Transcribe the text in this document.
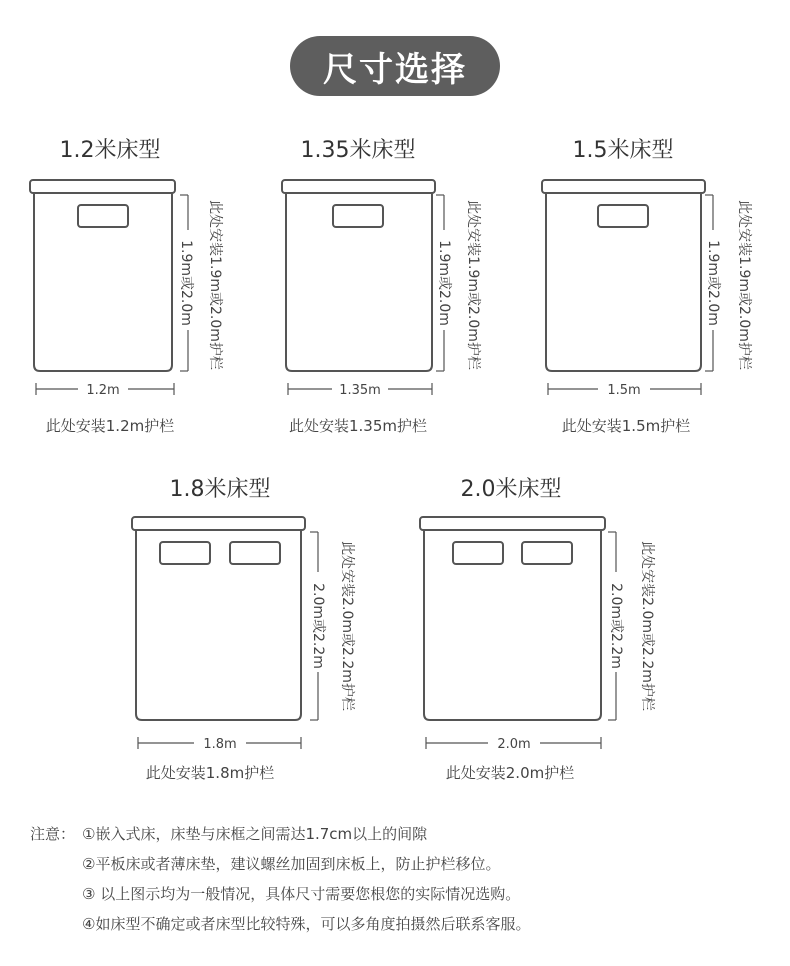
尺寸选择
1.2米床型
1.2m
1.9m或2.0m 此处安装1.9m或2.0m护栏
此处安装1.2m护栏
1.35米床型
1.35m
1.9m或2.0m 此处安装1.9m或2.0m护栏
此处安装1.35m护栏
1.5米床型
1.5m
1.9m或2.0m 此处安装1.9m或2.0m护栏
此处安装1.5m护栏
1.8米床型
1.8m
2.0m或2.2m 此处安装2.0m或2.2m护栏
此处安装1.8m护栏
2.0米床型
2.0m
2.0m或2.2m 此处安装2.0m或2.2m护栏
此处安装2.0m护栏
注意： ①嵌入式床，床垫与床框之间需达1.7cm以上的间隙
②平板床或者薄床垫，建议螺丝加固到床板上，防止护栏移位。
③ 以上图示均为一般情况，具体尺寸需要您根您的实际情况选购。
④如床型不确定或者床型比较特殊，可以多角度拍摄然后联系客服。
